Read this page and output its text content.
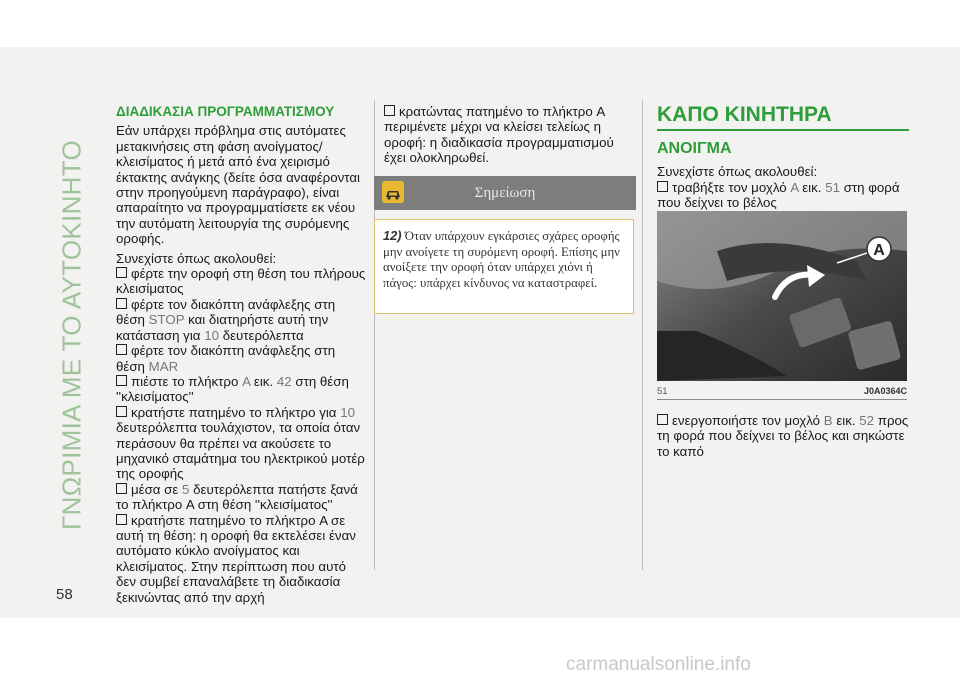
ΓΝΩΡΙΜΙΑ ΜΕ ΤΟ ΑΥΤΟΚΙΝΗΤΟ
ΔΙΑΔΙΚΑΣΙΑ ΠΡΟΓΡΑΜΜΑΤΙΣΜΟΥ

Εάν υπάρχει πρόβλημα στις αυτόματες μετακινήσεις στη φάση ανοίγματος/ κλεισίματος ή μετά από ένα χειρισμό έκτακτης ανάγκης (δείτε όσα αναφέρονται στην προηγούμενη παράγραφο), είναι απαραίτητο να προγραμματίσετε εκ νέου την αυτόματη λειτουργία της συρόμενης οροφής.

Συνεχίστε όπως ακολουθεί:
φέρτε την οροφή στη θέση του πλήρους κλεισίματος
φέρτε τον διακόπτη ανάφλεξης στη θέση STOP και διατηρήστε αυτή την κατάσταση για 10 δευτερόλεπτα
φέρτε τον διακόπτη ανάφλεξης στη θέση MAR
πιέστε το πλήκτρο A εικ. 42 στη θέση ''κλεισίματος''
κρατήστε πατημένο το πλήκτρο για 10 δευτερόλεπτα τουλάχιστον, τα οποία όταν περάσουν θα πρέπει να ακούσετε το μηχανικό σταμάτημα του ηλεκτρικού μοτέρ της οροφής
μέσα σε 5 δευτερόλεπτα πατήστε ξανά το πλήκτρο A στη θέση ''κλεισίματος''
κρατήστε πατημένο το πλήκτρο A σε αυτή τη θέση: η οροφή θα εκτελέσει έναν αυτόματο κύκλο ανοίγματος και κλεισίματος. Στην περίπτωση που αυτό δεν συμβεί επαναλάβετε τη διαδικασία ξεκινώντας από την αρχή
κρατώντας πατημένο το πλήκτρο A περιμένετε μέχρι να κλείσει τελείως η οροφή: η διαδικασία προγραμματισμού έχει ολοκληρωθεί.
Σημείωση
12) Όταν υπάρχουν εγκάρσιες σχάρες οροφής μην ανοίγετε τη συρόμενη οροφή. Επίσης μην ανοίξετε την οροφή όταν υπάρχει χιόνι ή πάγος: υπάρχει κίνδυνος να καταστραφεί.
ΚΑΠΟ ΚΙΝΗΤΗΡΑ
ΑΝΟΙΓΜΑ
Συνεχίστε όπως ακολουθεί:
τραβήξτε τον μοχλό A εικ. 51 στη φορά που δείχνει το βέλος
A
51	J0A0364C
ενεργοποιήστε τον μοχλό B εικ. 52 προς τη φορά που δείχνει το βέλος και σηκώστε το καπό
58
carmanualsonline.info
